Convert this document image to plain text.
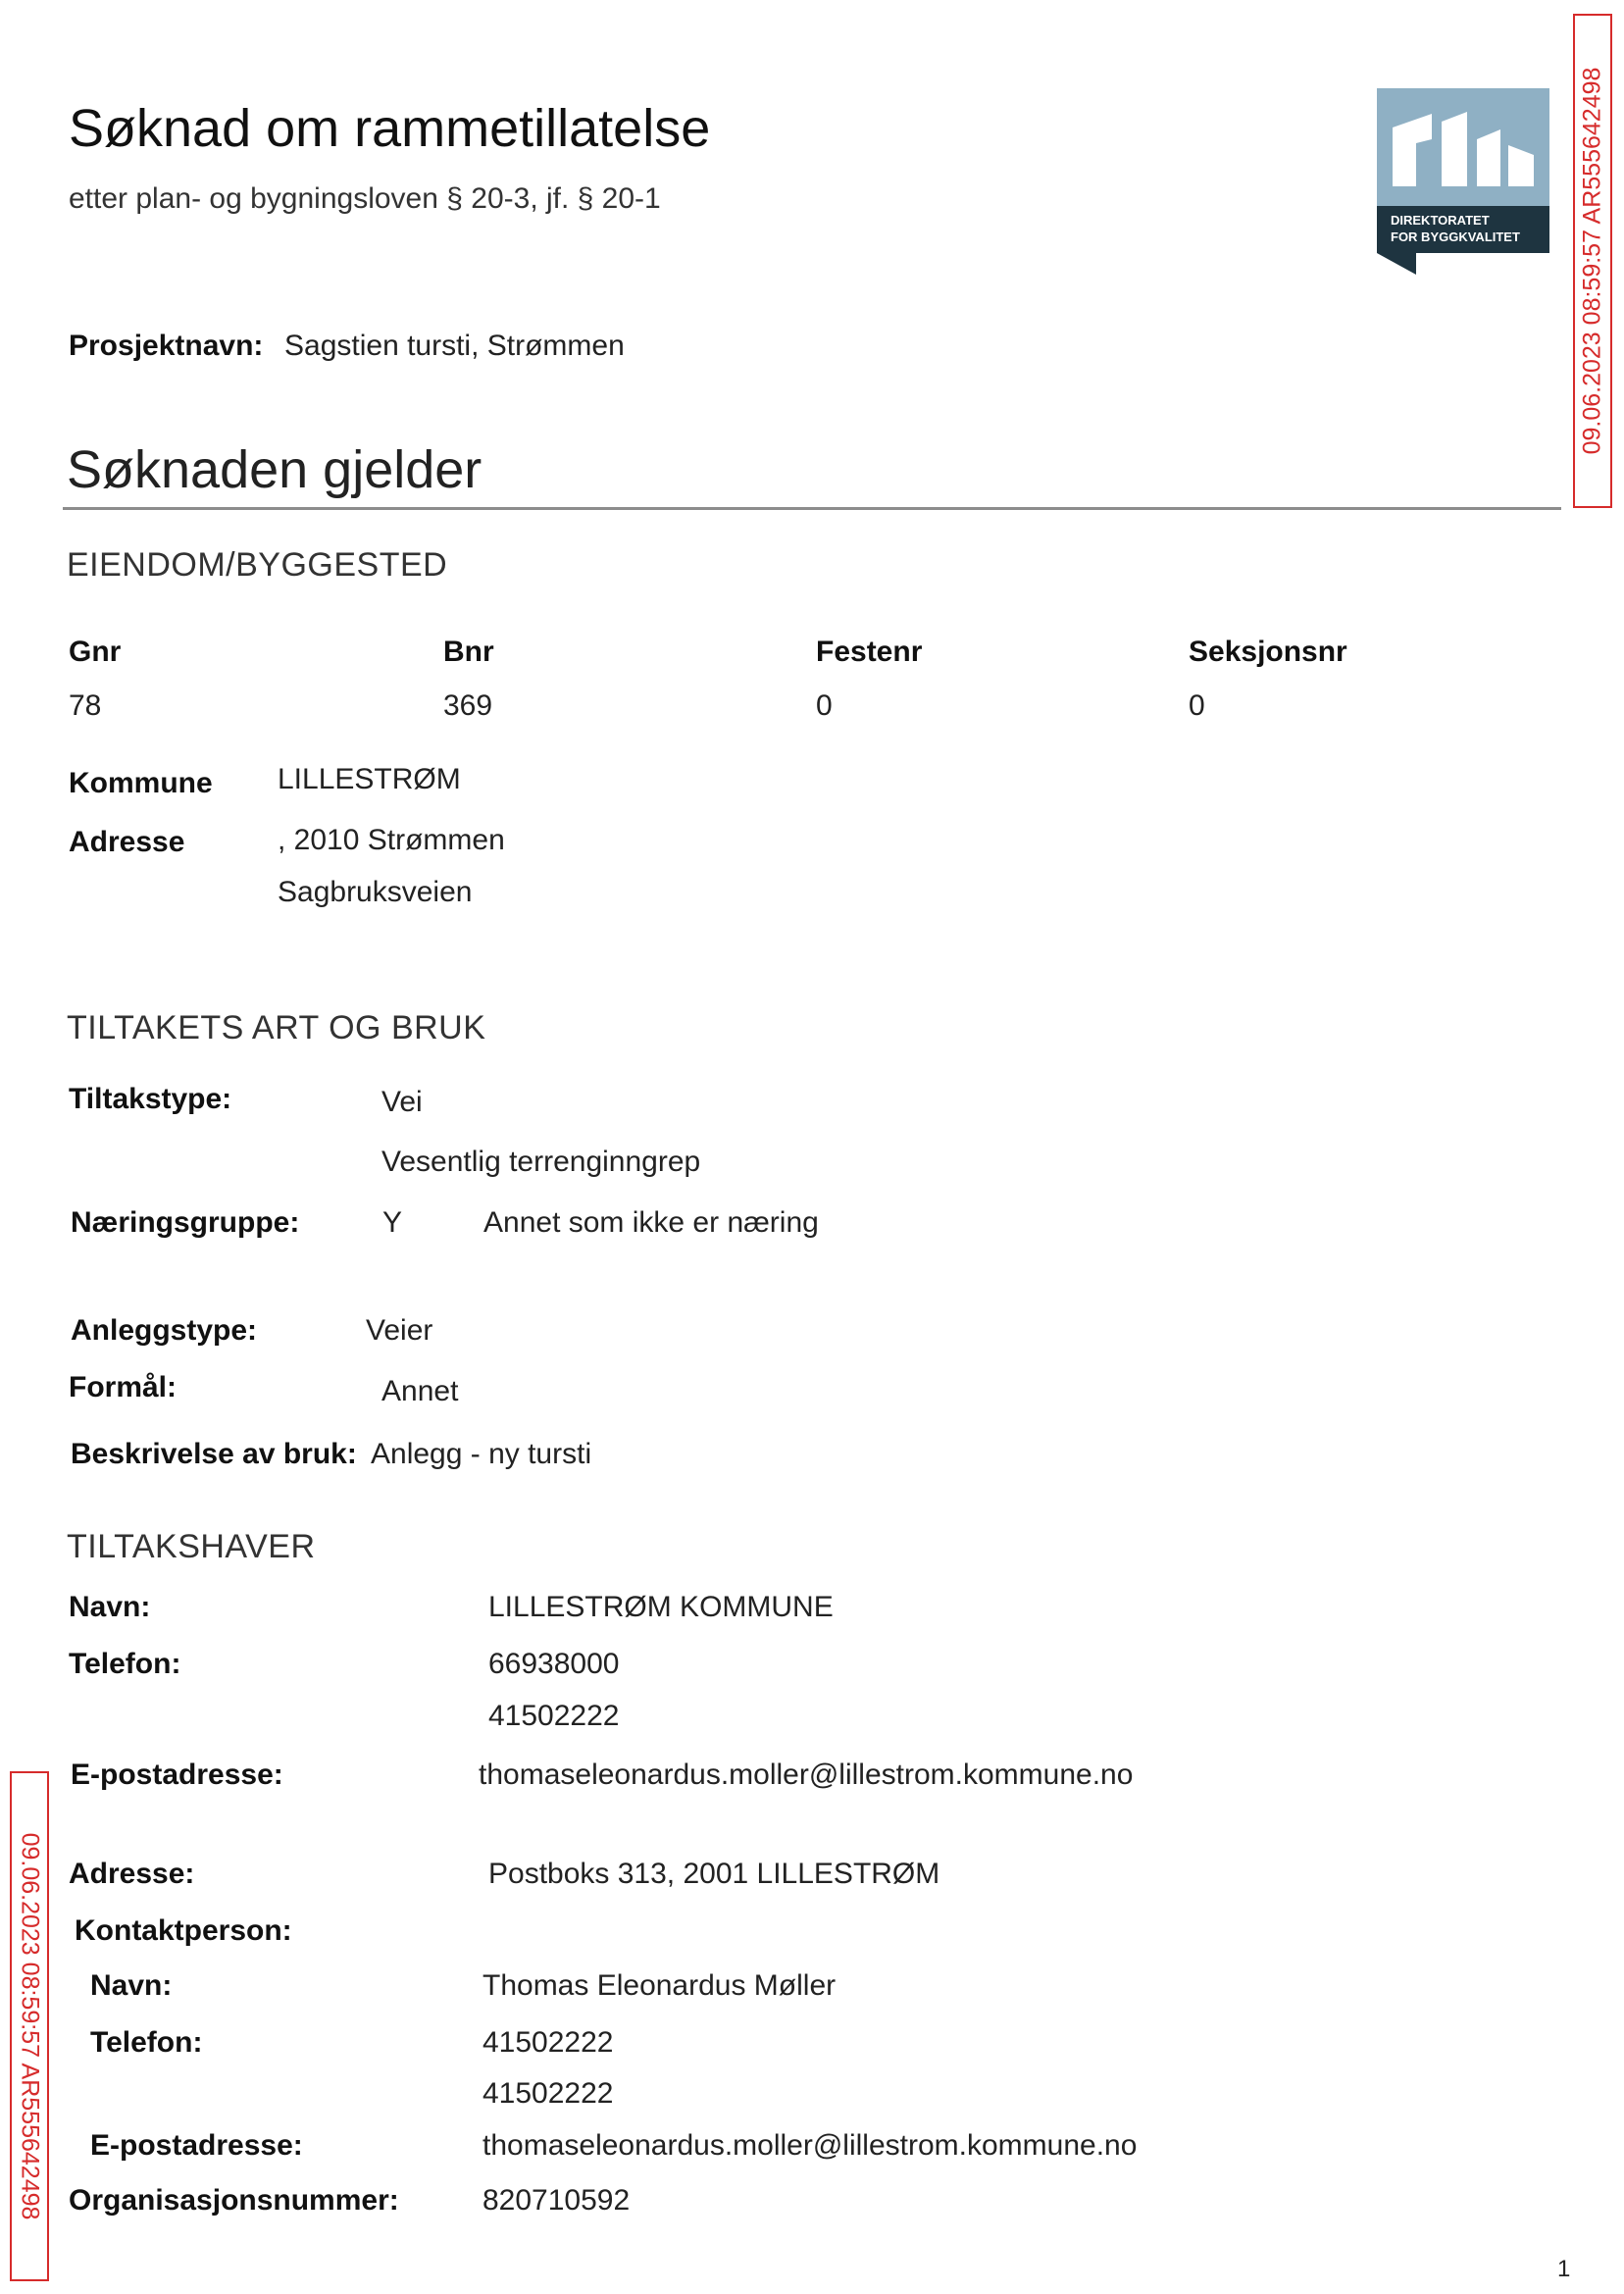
Søknad om rammetillatelse
etter plan- og bygningsloven § 20-3, jf. § 20-1
DIREKTORATET
FOR BYGGKVALITET 09.06.2023 08:59:57 AR555642498
Prosjektnavn: Sagstien tursti, Strømmen
Søknaden gjelder
EIENDOM/BYGGESTED
Gnr	Bnr	Festenr	Seksjonsnr
78	369	0	0
Kommune LILLESTRØM
Adresse	, 2010 Strømmen
Sagbruksveien
TILTAKETS ART OG BRUK
Tiltakstype:	Vei
Vesentlig terrenginngrep
Næringsgruppe:	Y	Annet som ikke er næring
Anleggstype:	Veier
Formål:	Annet
Beskrivelse av bruk: Anlegg - ny tursti
TILTAKSHAVER
Navn:	LILLESTRØM KOMMUNE
Telefon:	66938000
41502222
E-postadresse:	thomaseleonardus.moller@lillestrom.kommune.no
Adresse:	Postboks 313, 2001 LILLESTRØM
Kontaktperson:
Navn:	Thomas Eleonardus Møller
Telefon:	41502222
41502222
E-postadresse:	thomaseleonardus.moller@lillestrom.kommune.no
Organisasjonsnummer:	820710592
09.06.2023 08:59:57 AR555642498
1
